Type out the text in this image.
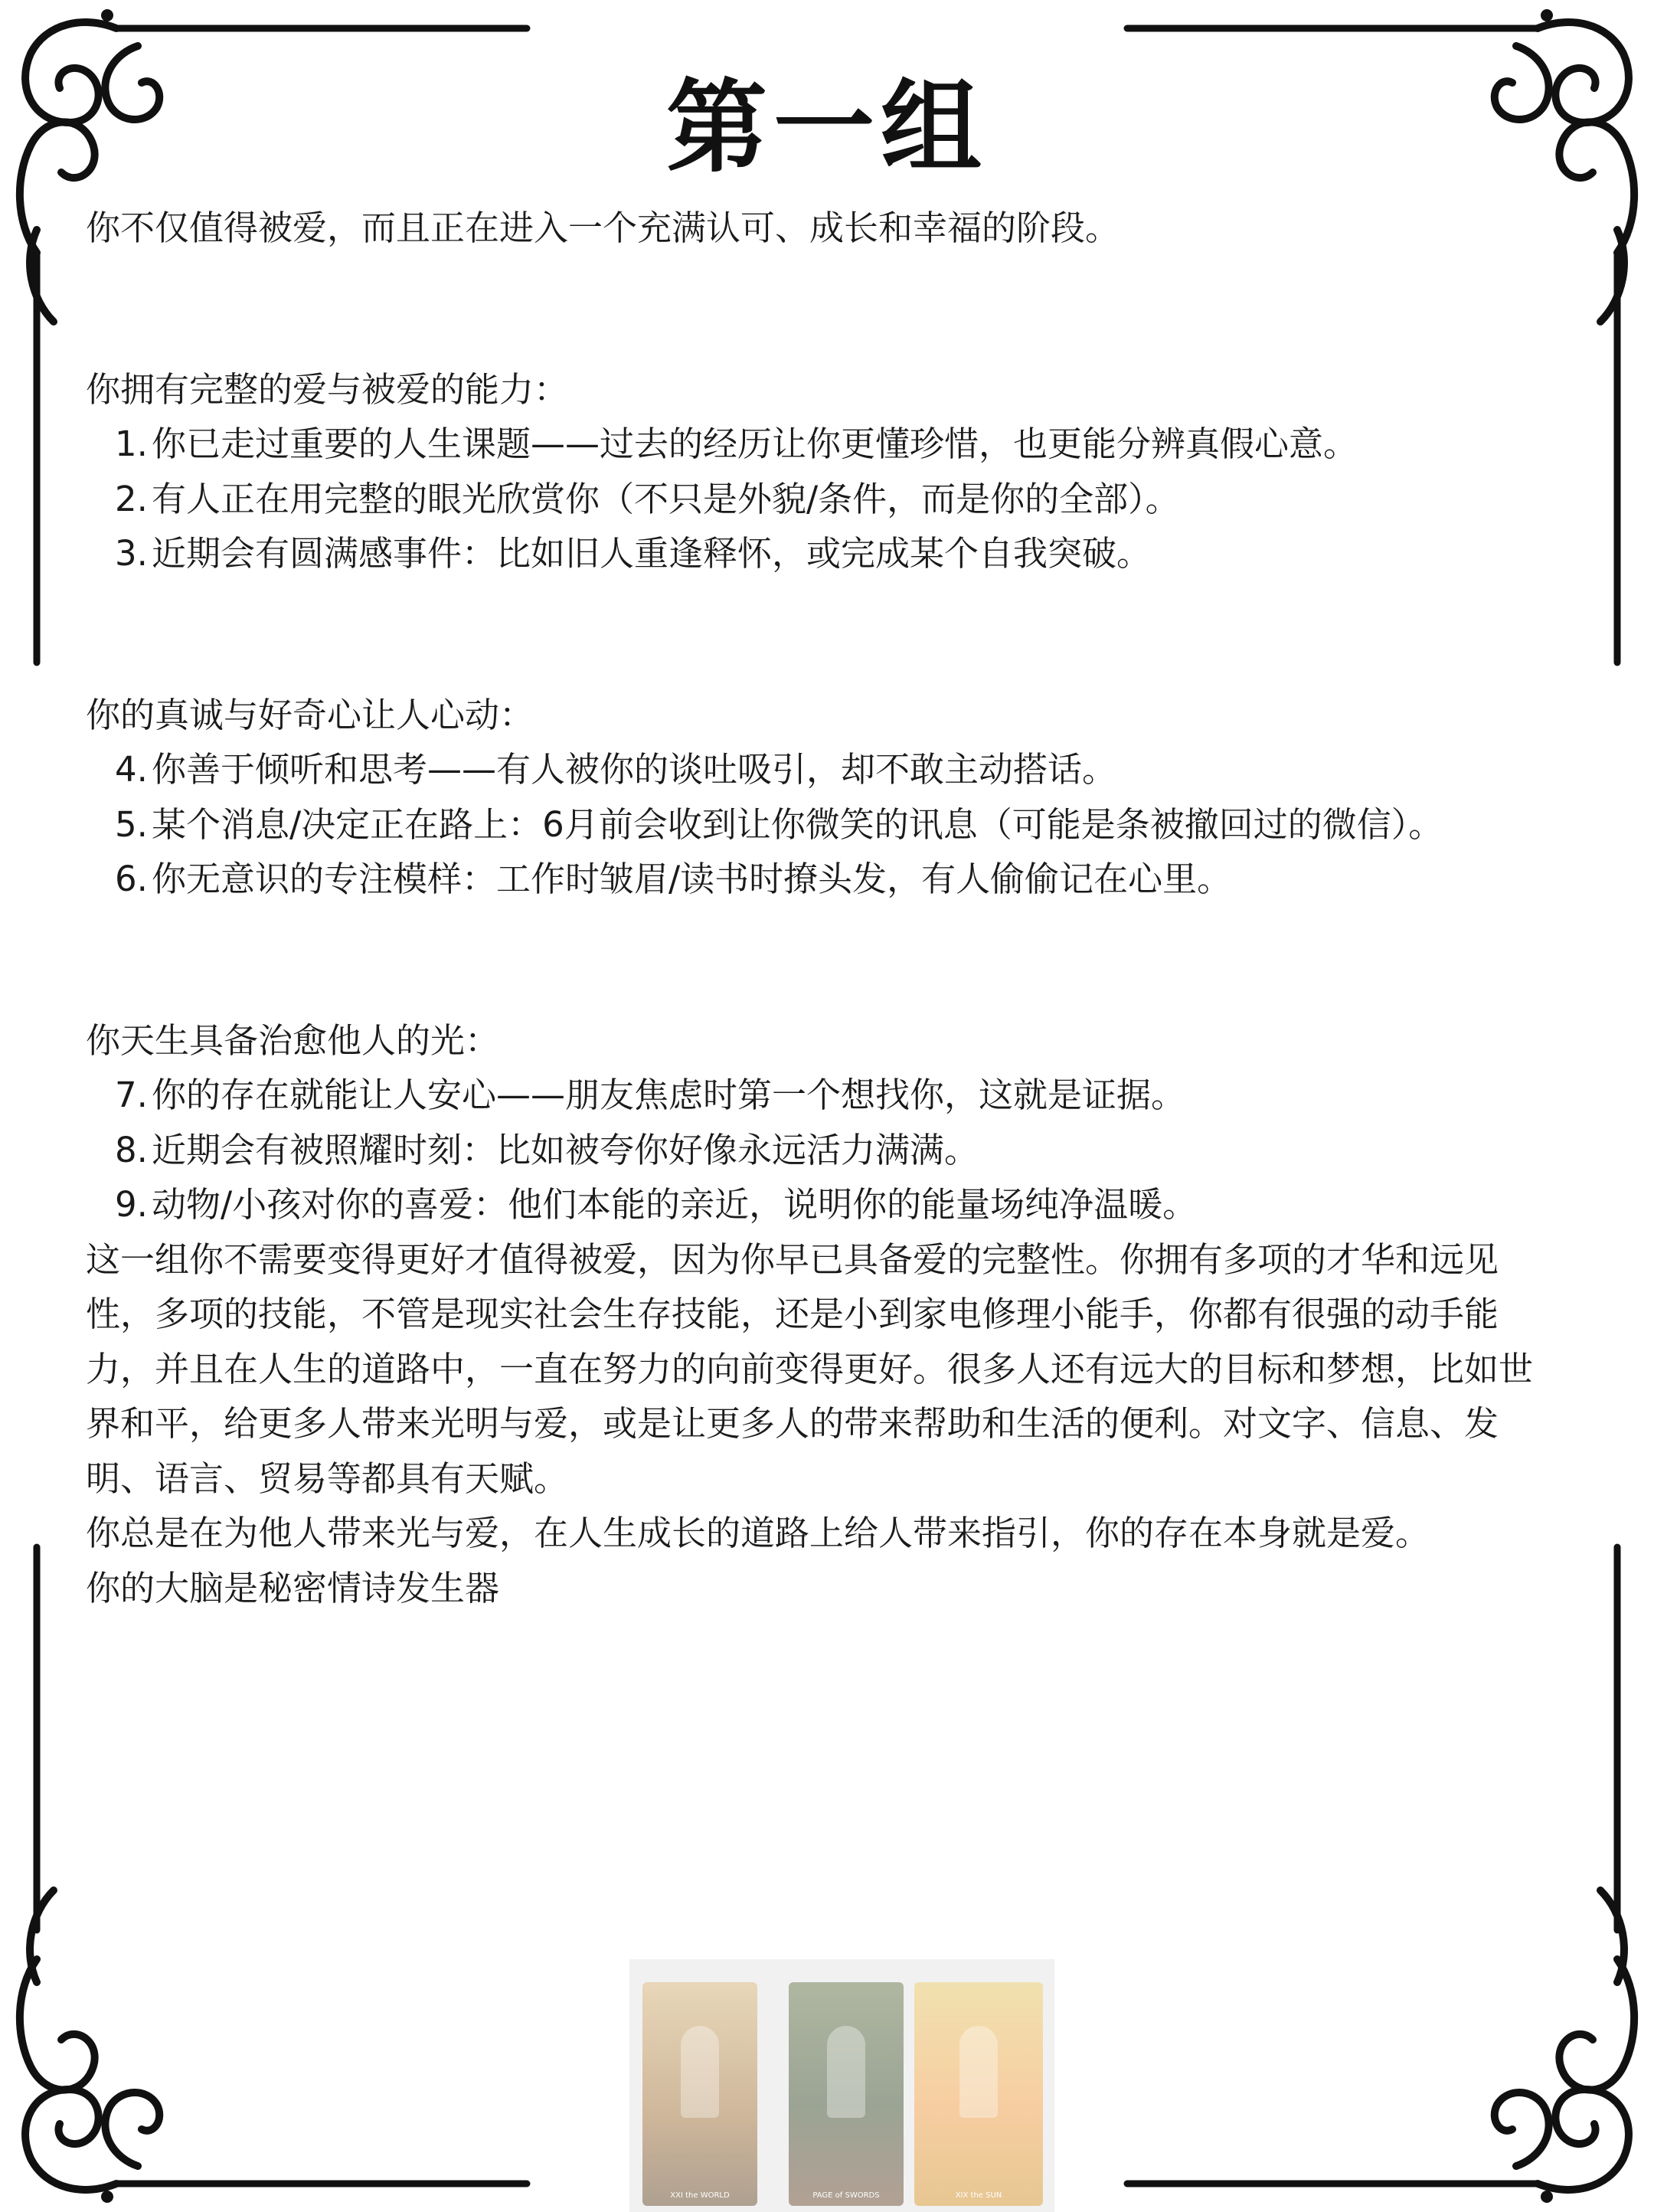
第一组

你不仅值得被爱，而且正在进入一个充满认可、成长和幸福的阶段。

你拥有完整的爱与被爱的能力：

1. 你已走过重要的人生课题——过去的经历让你更懂珍惜，也更能分辨真假心意。
2. 有人正在用完整的眼光欣赏你（不只是外貌/条件，而是你的全部）。
3. 近期会有圆满感事件：比如旧人重逢释怀，或完成某个自我突破。

你的真诚与好奇心让人心动：

4. 你善于倾听和思考——有人被你的谈吐吸引，却不敢主动搭话。
5. 某个消息/决定正在路上：6月前会收到让你微笑的讯息（可能是条被撤回过的微信）。
6. 你无意识的专注模样：工作时皱眉/读书时撩头发，有人偷偷记在心里。

你天生具备治愈他人的光：

7. 你的存在就能让人安心——朋友焦虑时第一个想找你，这就是证据。
8. 近期会有被照耀时刻：比如被夸你好像永远活力满满。
9. 动物/小孩对你的喜爱：他们本能的亲近，说明你的能量场纯净温暖。

这一组你不需要变得更好才值得被爱，因为你早已具备爱的完整性。你拥有多项的才华和远见性，多项的技能，不管是现实社会生存技能，还是小到家电修理小能手，你都有很强的动手能力，并且在人生的道路中，一直在努力的向前变得更好。很多人还有远大的目标和梦想，比如世界和平，给更多人带来光明与爱，或是让更多人的带来帮助和生活的便利。对文字、信息、发明、语言、贸易等都具有天赋。

你总是在为他人带来光与爱，在人生成长的道路上给人带来指引，你的存在本身就是爱。

你的大脑是秘密情诗发生器

XXI the WORLD	PAGE of SWORDS	XIX the SUN
